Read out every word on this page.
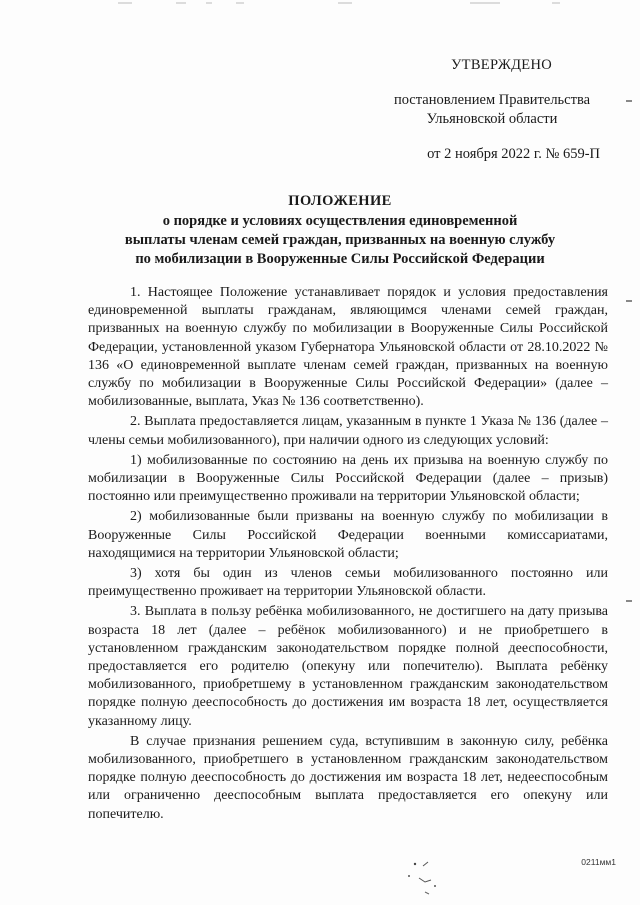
УТВЕРЖДЕНО
постановлением Правительства
Ульяновской области
от 2 ноября 2022 г. № 659-П
ПОЛОЖЕНИЕ
о порядке и условиях осуществления единовременной
выплаты членам семей граждан, призванных на военную службу
по мобилизации в Вооруженные Силы Российской Федерации

1. Настоящее Положение устанавливает порядок и условия предоставления единовременной выплаты гражданам, являющимся членами семей граждан, призванных на военную службу по мобилизации в Вооруженные Силы Российской Федерации, установленной указом Губернатора Ульяновской области от 28.10.2022 № 136 «О единовременной выплате членам семей граждан, призванных на военную службу по мобилизации в Вооруженные Силы Российской Федерации» (далее – мобилизованные, выплата, Указ № 136 соответственно).

2. Выплата предоставляется лицам, указанным в пункте 1 Указа № 136 (далее – члены семьи мобилизованного), при наличии одного из следующих условий:

1) мобилизованные по состоянию на день их призыва на военную службу по мобилизации в Вооруженные Силы Российской Федерации (далее – призыв) постоянно или преимущественно проживали на территории Ульяновской области;

2) мобилизованные были призваны на военную службу по мобилизации в Вооруженные Силы Российской Федерации военными комиссариатами, находящимися на территории Ульяновской области;

3) хотя бы один из членов семьи мобилизованного постоянно или преимущественно проживает на территории Ульяновской области.

3. Выплата в пользу ребёнка мобилизованного, не достигшего на дату призыва возраста 18 лет (далее – ребёнок мобилизованного) и не приобретшего в установленном гражданским законодательством порядке полной дееспособности, предоставляется его родителю (опекуну или попечителю). Выплата ребёнку мобилизованного, приобретшему в установленном гражданским законодательством порядке полную дееспособность до достижения им возраста 18 лет, осуществляется указанному лицу.

В случае признания решением суда, вступившим в законную силу, ребёнка мобилизованного, приобретшего в установленном гражданским законодательством порядке полную дееспособность до достижения им возраста 18 лет, недееспособным или ограниченно дееспособным выплата предоставляется его опекуну или попечителю.

0211мм1
